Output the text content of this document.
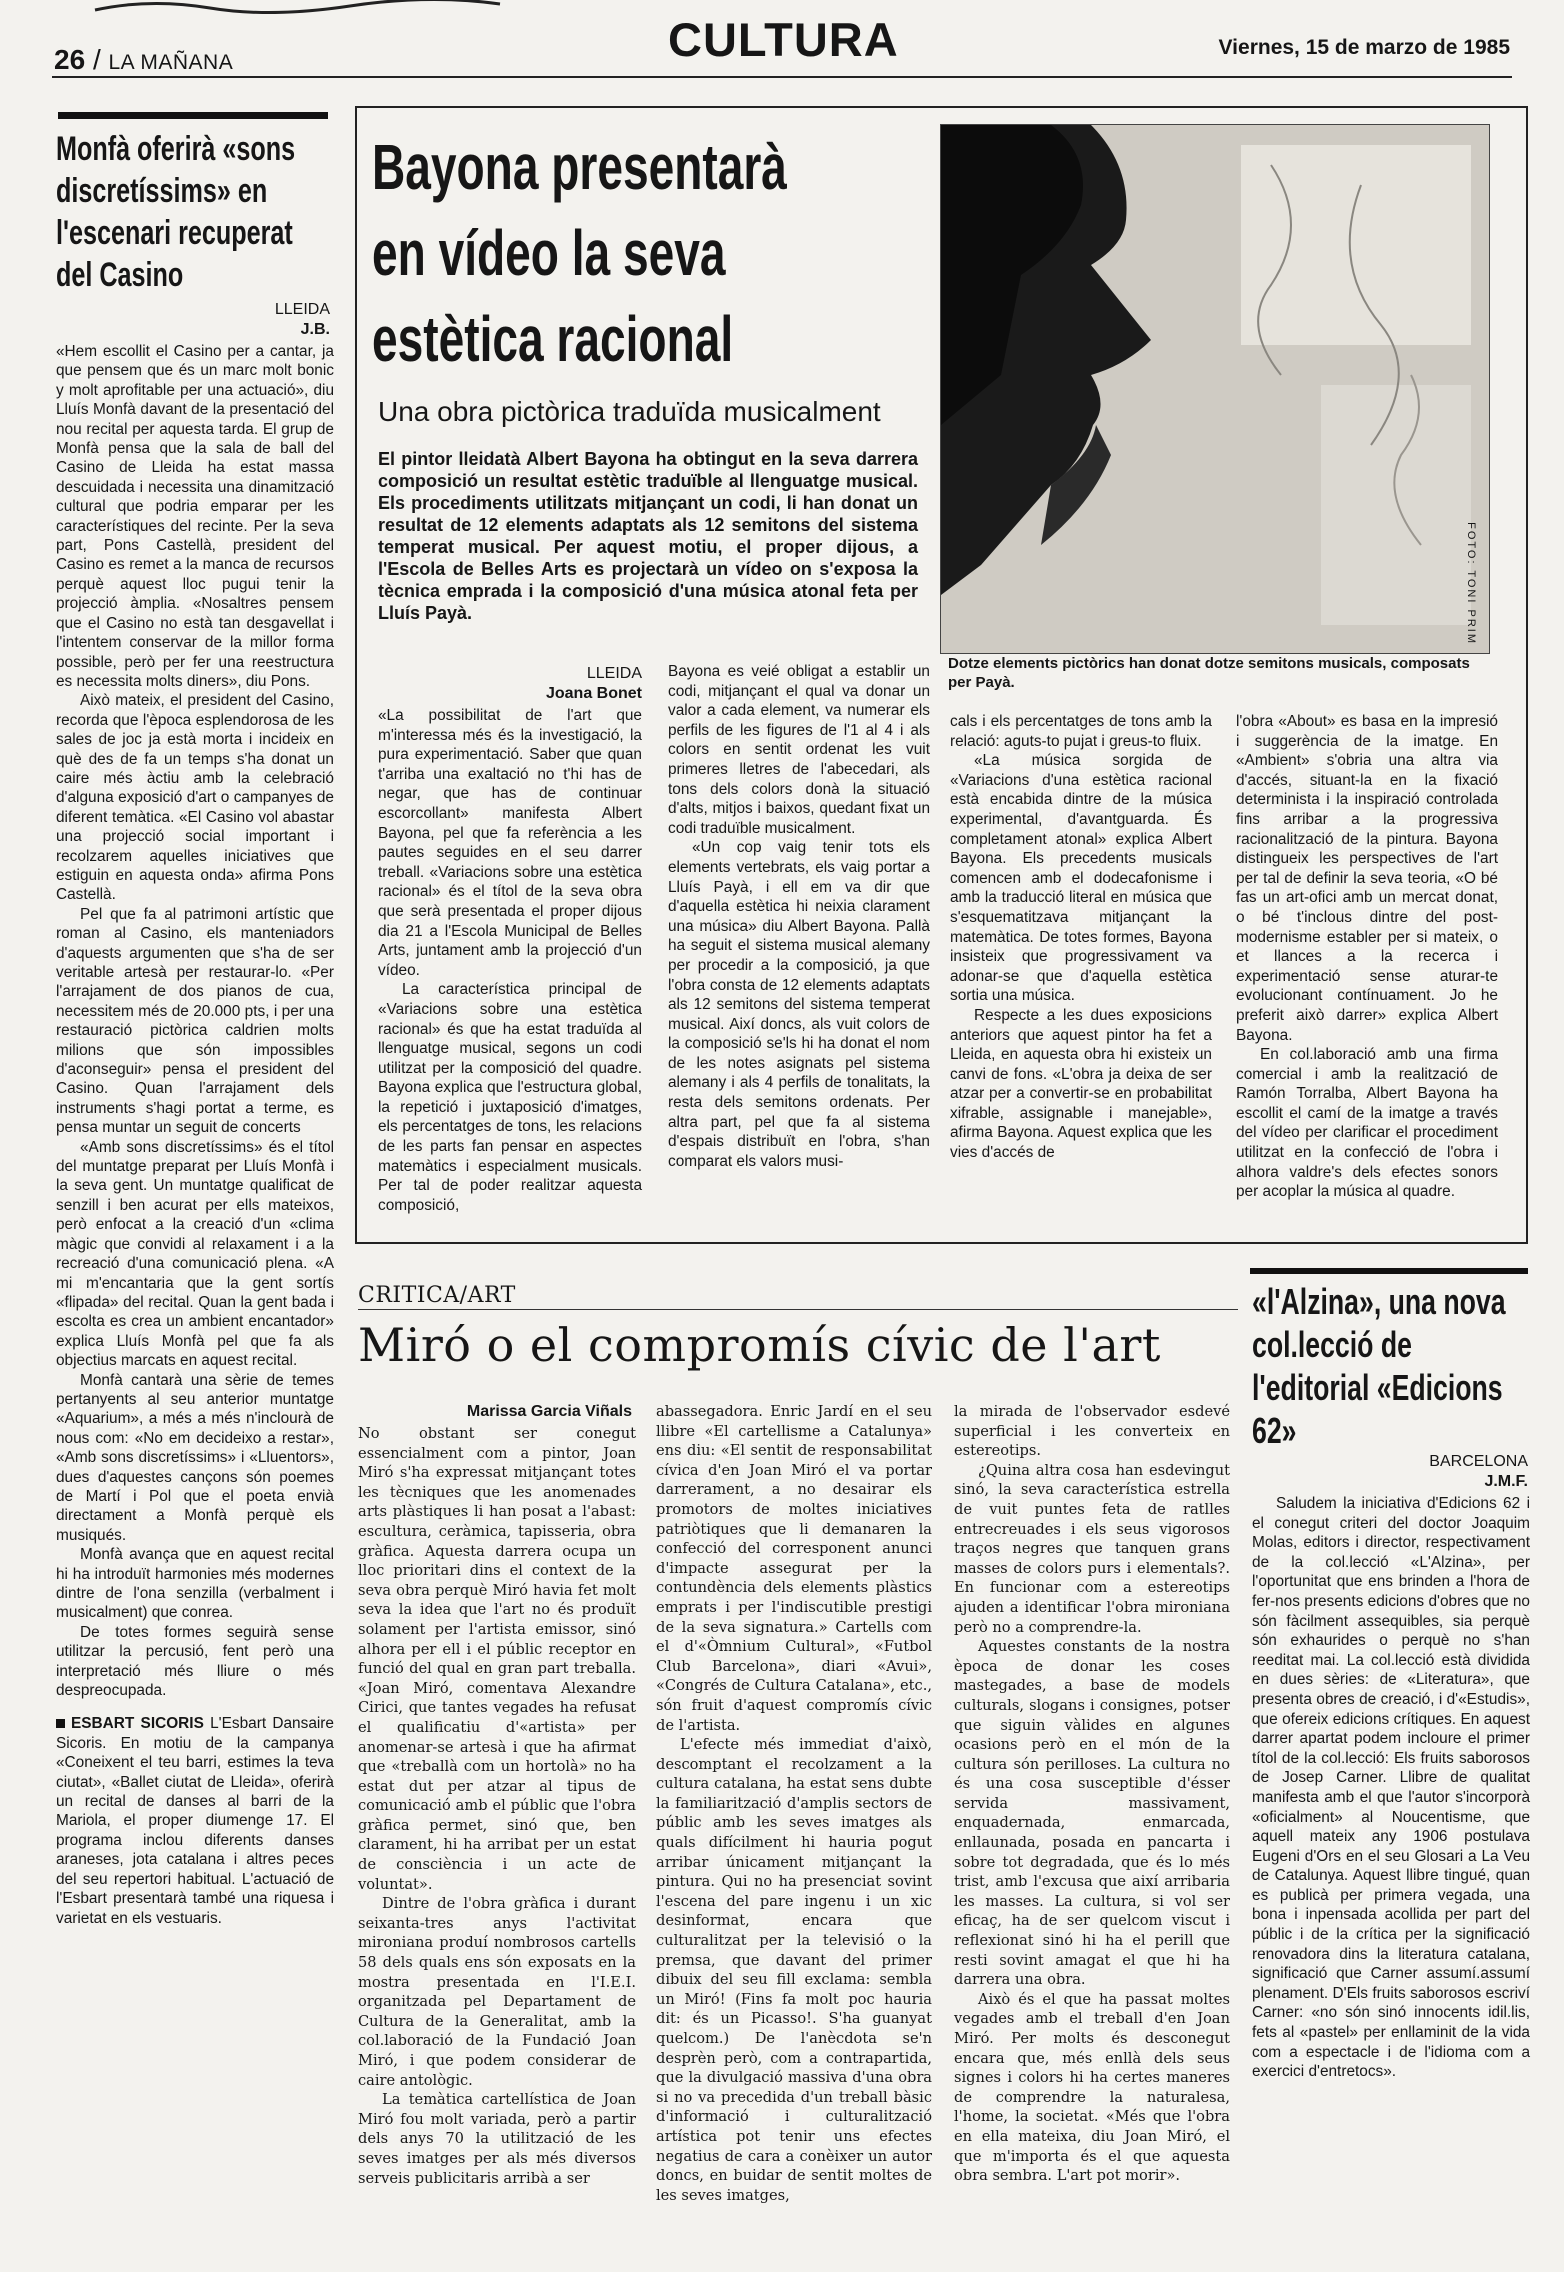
26 / LA MAÑANA	CULTURA	Viernes, 15 de marzo de 1985
Monfà oferirà «sons discretíssims» en l'escenari recuperat del Casino
LLEIDA
J.B.

«Hem escollit el Casino per a cantar, ja que pensem que és un marc molt bonic y molt aprofitable per una actuació», diu Lluís Monfà davant de la presentació del nou recital per aquesta tarda. El grup de Monfà pensa que la sala de ball del Casino de Lleida ha estat massa descuidada i necessita una dinamització cultural que podria emparar per les característiques del recinte. Per la seva part, Pons Castellà, president del Casino es remet a la manca de recursos perquè aquest lloc pugui tenir la projecció àmplia. «Nosaltres pensem que el Casino no està tan desgavellat i l'intentem conservar de la millor forma possible, però per fer una reestructura es necessita molts diners», diu Pons.

Això mateix, el president del Casino, recorda que l'època esplendorosa de les sales de joc ja està morta i incideix en què des de fa un temps s'ha donat un caire més àctiu amb la celebració d'alguna exposició d'art o campanyes de diferent temàtica. «El Casino vol abastar una projecció social important i recolzarem aquelles iniciatives que estiguin en aquesta onda» afirma Pons Castellà.

Pel que fa al patrimoni artístic que roman al Casino, els manteniadors d'aquests argumenten que s'ha de ser veritable artesà per restaurar-lo. «Per l'arrajament de dos pianos de cua, necessitem més de 20.000 pts, i per una restauració pictòrica caldrien molts milions que són impossibles d'aconseguir» pensa el president del Casino. Quan l'arrajament dels instruments s'hagi portat a terme, es pensa muntar un seguit de concerts

«Amb sons discretíssims» és el títol del muntatge preparat per Lluís Monfà i la seva gent. Un muntatge qualificat de senzill i ben acurat per ells mateixos, però enfocat a la creació d'un «clima màgic que convidi al relaxament i a la recreació d'una comunicació plena. «A mi m'encantaria que la gent sortís «flipada» del recital. Quan la gent bada i escolta es crea un ambient encantador» explica Lluís Monfà pel que fa als objectius marcats en aquest recital.

Monfà cantarà una sèrie de temes pertanyents al seu anterior muntatge «Aquarium», a més a més n'inclourà de nous com: «No em decideixo a restar», «Amb sons discretíssims» i «Lluentors», dues d'aquestes cançons són poemes de Martí i Pol que el poeta envià directament a Monfà perquè els musiqués.

Monfà avança que en aquest recital hi ha introduït harmonies més modernes dintre de l'ona senzilla (verbalment i musicalment) que conrea.

De totes formes seguirà sense utilitzar la percusió, fent però una interpretació més lliure o més despreocupada.

ESBART SICORIS L'Esbart Dansaire Sicoris. En motiu de la campanya «Coneixent el teu barri, estimes la teva ciutat», «Ballet ciutat de Lleida», oferirà un recital de danses al barri de la Mariola, el proper diumenge 17. El programa inclou diferents danses araneses, jota catalana i altres peces del seu repertori habitual. L'actuació de l'Esbart presentarà també una riquesa i varietat en els vestuaris.

Bayona presentarà
en vídeo la seva
estètica racional
Una obra pictòrica traduïda musicalment
El pintor lleidatà Albert Bayona ha obtingut en la seva darrera composició un resultat estètic traduïble al llenguatge musical. Els procediments utilitzats mitjançant un codi, li han donat un resultat de 12 elements adaptats als 12 semitons del sistema temperat musical. Per aquest motiu, el proper dijous, a l'Escola de Belles Arts es projectarà un vídeo on s'exposa la tècnica emprada i la composició d'una música atonal feta per Lluís Payà.	FOTO: TONI PRIM
Dotze elements pictòrics han donat dotze semitons musicals, composats per Payà.
LLEIDA
Joana Bonet

«La possibilitat de l'art que m'interessa més és la investigació, la pura experimentació. Saber que quan t'arriba una exaltació no t'hi has de negar, que has de continuar escorcollant» manifesta Albert Bayona, pel que fa referència a les pautes seguides en el seu darrer treball. «Variacions sobre una estètica racional» és el títol de la seva obra que serà presentada el proper dijous dia 21 a l'Escola Municipal de Belles Arts, juntament amb la projecció d'un vídeo.

La característica principal de «Variacions sobre una estètica racional» és que ha estat traduïda al llenguatge musical, segons un codi utilitzat per la composició del quadre. Bayona explica que l'estructura global, la repetició i juxtaposició d'imatges, els percentatges de tons, les relacions de les parts fan pensar en aspectes matemàtics i especialment musicals. Per tal de poder realitzar aquesta composició,

Bayona es veié obligat a establir un codi, mitjançant el qual va donar un valor a cada element, va numerar els perfils de les figures de l'1 al 4 i als colors en sentit ordenat les vuit primeres lletres de l'abecedari, als tons dels colors donà la situació d'alts, mitjos i baixos, quedant fixat un codi traduïble musicalment.

«Un cop vaig tenir tots els elements vertebrats, els vaig portar a Lluís Payà, i ell em va dir que d'aquella estètica hi neixia clarament una música» diu Albert Bayona. Pallà ha seguit el sistema musical alemany per procedir a la composició, ja que l'obra consta de 12 elements adaptats als 12 semitons del sistema temperat musical. Així doncs, als vuit colors de la composició se'ls hi ha donat el nom de les notes asignats pel sistema alemany i als 4 perfils de tonalitats, la resta dels semitons ordenats. Per altra part, pel que fa al sistema d'espais distribuït en l'obra, s'han comparat els valors musi-

cals i els percentatges de tons amb la relació: aguts-to pujat i greus-to fluix.

«La música sorgida de «Variacions d'una estètica racional està encabida dintre de la música experimental, d'avantguarda. És completament atonal» explica Albert Bayona. Els precedents musicals comencen amb el dodecafonisme i amb la traducció literal en música que s'esquematitzava mitjançant la matemàtica. De totes formes, Bayona insisteix que progressivament va adonar-se que d'aquella estètica sortia una música.

Respecte a les dues exposicions anteriors que aquest pintor ha fet a Lleida, en aquesta obra hi existeix un canvi de fons. «L'obra ja deixa de ser atzar per a convertir-se en probabilitat xifrable, assignable i manejable», afirma Bayona. Aquest explica que les vies d'accés de

l'obra «About» es basa en la impresió i suggerència de la imatge. En «Ambient» s'obria una altra via d'accés, situant-la en la fixació determinista i la inspiració controlada fins arribar a la progressiva racionalització de la pintura. Bayona distingueix les perspectives de l'art per tal de definir la seva teoria, «O bé fas un art-ofici amb un mercat donat, o bé t'inclous dintre del post-modernisme establer per si mateix, o et llances a la recerca i experimentació sense aturar-te evolucionant contínuament. Jo he preferit això darrer» explica Albert Bayona.

En col.laboració amb una firma comercial i amb la realització de Ramón Torralba, Albert Bayona ha escollit el camí de la imatge a través del vídeo per clarificar el procediment utilitzat en la confecció de l'obra i alhora valdre's dels efectes sonors per acoplar la música al quadre.

CRITICA/ART
Miró o el compromís cívic de l'art
Marissa Garcia Viñals

No obstant ser conegut essencialment com a pintor, Joan Miró s'ha expressat mitjançant totes les tècniques que les anomenades arts plàstiques li han posat a l'abast: escultura, ceràmica, tapisseria, obra gràfica. Aquesta darrera ocupa un lloc prioritari dins el context de la seva obra perquè Miró havia fet molt seva la idea que l'art no és produït solament per l'artista emissor, sinó alhora per ell i el públic receptor en funció del qual en gran part treballa. «Joan Miró, comentava Alexandre Cirici, que tantes vegades ha refusat el qualificatiu d'«artista» per anomenar-se artesà i que ha afirmat que «treballà com un hortolà» no ha estat dut per atzar al tipus de comunicació amb el públic que l'obra gràfica permet, sinó que, ben clarament, hi ha arribat per un estat de consciència i un acte de voluntat».

Dintre de l'obra gràfica i durant seixanta-tres anys l'activitat mironiana produí nombrosos cartells 58 dels quals ens són exposats en la mostra presentada en l'I.E.I. organitzada pel Departament de Cultura de la Generalitat, amb la col.laboració de la Fundació Joan Miró, i que podem considerar de caire antològic.

La temàtica cartellística de Joan Miró fou molt variada, però a partir dels anys 70 la utilització de les seves imatges per als més diversos serveis publicitaris arribà a ser

abassegadora. Enric Jardí en el seu llibre «El cartellisme a Catalunya» ens diu: «El sentit de responsabilitat cívica d'en Joan Miró el va portar darrerament, a no desairar els promotors de moltes iniciatives patriòtiques que li demanaren la confecció del corresponent anunci d'impacte assegurat per la contundència dels elements plàstics emprats i per l'indiscutible prestigi de la seva signatura.» Cartells com el d'«Òmnium Cultural», «Futbol Club Barcelona», diari «Avui», «Congrés de Cultura Catalana», etc., són fruit d'aquest compromís cívic de l'artista.

L'efecte més immediat d'això, descomptant el recolzament a la cultura catalana, ha estat sens dubte la familiarització d'amplis sectors de públic amb les seves imatges als quals difícilment hi hauria pogut arribar únicament mitjançant la pintura. Qui no ha presenciat sovint l'escena del pare ingenu i un xic desinformat, encara que culturalitzat per la televisió o la premsa, que davant del primer dibuix del seu fill exclama: sembla un Miró! (Fins fa molt poc hauria dit: és un Picasso!. S'ha guanyat quelcom.) De l'anècdota se'n desprèn però, com a contrapartida, que la divulgació massiva d'una obra si no va precedida d'un treball bàsic d'informació i culturalització artística pot tenir uns efectes negatius de cara a conèixer un autor doncs, en buidar de sentit moltes de les seves imatges,

la mirada de l'observador esdevé superficial i les converteix en estereotips.

¿Quina altra cosa han esdevingut sinó, la seva característica estrella de vuit puntes feta de ratlles entrecreuades i els seus vigorosos traços negres que tanquen grans masses de colors purs i elementals?. En funcionar com a estereotips ajuden a identificar l'obra mironiana però no a comprendre-la.

Aquestes constants de la nostra època de donar les coses mastegades, a base de models culturals, slogans i consignes, potser que siguin vàlides en algunes ocasions però en el món de la cultura són perilloses. La cultura no és una cosa susceptible d'ésser servida massivament, enquadernada, enmarcada, enllaunada, posada en pancarta i sobre tot degradada, que és lo més trist, amb l'excusa que així arribaria les masses. La cultura, si vol ser eficaç, ha de ser quelcom viscut i reflexionat sinó hi ha el perill que resti sovint amagat el que hi ha darrera una obra.

Això és el que ha passat moltes vegades amb el treball d'en Joan Miró. Per molts és desconegut encara que, més enllà dels seus signes i colors hi ha certes maneres de comprendre la naturalesa, l'home, la societat. «Més que l'obra en ella mateixa, diu Joan Miró, el que m'importa és el que aquesta obra sembra. L'art pot morir».

«l'Alzina», una nova col.lecció de l'editorial «Edicions 62»
BARCELONA
J.M.F.

Saludem la iniciativa d'Edicions 62 i el conegut criteri del doctor Joaquim Molas, editors i director, respectivament de la col.lecció «L'Alzina», per l'oportunitat que ens brinden a l'hora de fer-nos presents edicions d'obres que no són fàcilment assequibles, sia perquè són exhaurides o perquè no s'han reeditat mai. La col.lecció està dividida en dues sèries: de «Literatura», que presenta obres de creació, i d'«Estudis», que ofereix edicions crítiques. En aquest darrer apartat podem incloure el primer títol de la col.lecció: Els fruits saborosos de Josep Carner. Llibre de qualitat manifesta amb el que l'autor s'incorporà «oficialment» al Noucentisme, que aquell mateix any 1906 postulava Eugeni d'Ors en el seu Glosari a La Veu de Catalunya. Aquest llibre tingué, quan es publicà per primera vegada, una bona i inpensada acollida per part del públic i de la crítica per la significació renovadora dins la literatura catalana, significació que Carner assumí.assumí plenament. D'Els fruits saborosos escriví Carner: «no són sinó innocents idil.lis, fets al «pastel» per enllaminit de la vida com a espectacle i de l'idioma com a exercici d'entretocs».
